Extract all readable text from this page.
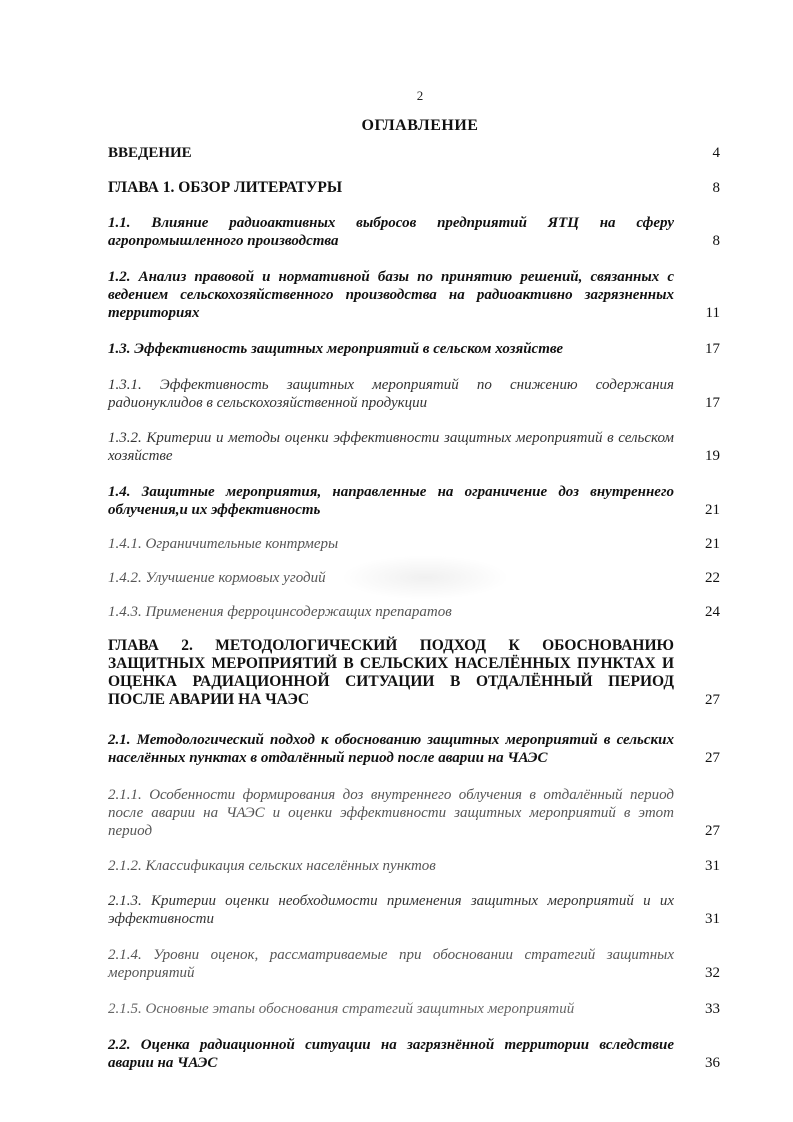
2
ОГЛАВЛЕНИЕ
ВВЕДЕНИЕ	4
ГЛАВА 1. ОБЗОР ЛИТЕРАТУРЫ	8
1.1. Влияние радиоактивных выбросов предприятий ЯТЦ на сферу агропромышленного производства	8
1.2. Анализ правовой и нормативной базы по принятию решений, связанных с ведением сельскохозяйственного производства на радиоактивно загрязненных территориях	11
1.3. Эффективность защитных мероприятий в сельском хозяйстве	17
1.3.1. Эффективность защитных мероприятий по снижению содержания радионуклидов в сельскохозяйственной продукции	17
1.3.2. Критерии и методы оценки эффективности защитных мероприятий в сельском хозяйстве	19
1.4. Защитные мероприятия, направленные на ограничение доз внутреннего облучения,и их эффективность	21
1.4.1. Ограничительные контрмеры	21
1.4.2. Улучшение кормовых угодий	22
1.4.3. Применения ферроцинсодержащих препаратов	24
ГЛАВА 2. МЕТОДОЛОГИЧЕСКИЙ ПОДХОД К ОБОСНОВАНИЮ ЗАЩИТНЫХ МЕРОПРИЯТИЙ В СЕЛЬСКИХ НАСЕЛЁННЫХ ПУНКТАХ И ОЦЕНКА РАДИАЦИОННОЙ СИТУАЦИИ В ОТДАЛЁННЫЙ ПЕРИОД ПОСЛЕ АВАРИИ НА ЧАЭС	27
2.1. Методологический подход к обоснованию защитных мероприятий в сельских населённых пунктах в отдалённый период после аварии на ЧАЭС	27
2.1.1. Особенности формирования доз внутреннего облучения в отдалённый период после аварии на ЧАЭС и оценки эффективности защитных мероприятий в этот период	27
2.1.2. Классификация сельских населённых пунктов	31
2.1.3. Критерии оценки необходимости применения защитных мероприятий и их эффективности	31
2.1.4. Уровни оценок, рассматриваемые при обосновании стратегий защитных мероприятий	32
2.1.5. Основные этапы обоснования стратегий защитных мероприятий	33
2.2. Оценка радиационной ситуации на загрязнённой территории вследствие аварии на ЧАЭС	36
